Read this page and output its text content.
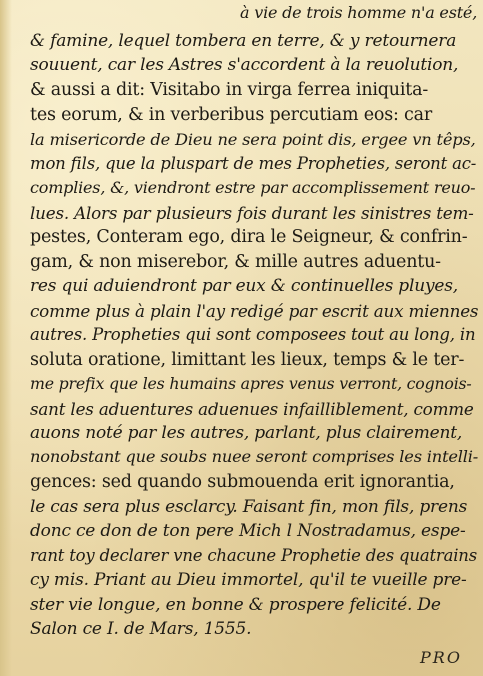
à vie de trois homme n'a esté,
& famine, lequel tombera en terre, & y retournera
souuent, car les Astres s'accordent à la reuolution,
& aussi a dit: Visitabo in virga ferrea iniquita-
tes eorum, & in verberibus percutiam eos: car
la misericorde de Dieu ne sera point dis, ergee vn têps,
mon fils, que la pluspart de mes Propheties, seront ac-
complies, &, viendront estre par accomplissement reuo-
lues. Alors par plusieurs fois durant les sinistres tem-
pestes, Conteram ego, dira le Seigneur, & confrin-
gam, & non miserebor, & mille autres aduentu-
res qui aduiendront par eux & continuelles pluyes,
comme plus à plain l'ay redigé par escrit aux miennes
autres. Propheties qui sont composees tout au long, in
soluta oratione, limittant les lieux, temps & le ter-
me prefix que les humains apres venus verront, cognois-
sant les aduentures aduenues infailliblement, comme
auons noté par les autres, parlant, plus clairement,
nonobstant que soubs nuee seront comprises les intelli-
gences: sed quando submouenda erit ignorantia,
le cas sera plus esclarcy. Faisant fin, mon fils, prens
donc ce don de ton pere Mich l Nostradamus, espe-
rant toy declarer vne chacune Prophetie des quatrains
cy mis. Priant au Dieu immortel, qu'il te vueille pre-
ster vie longue, en bonne & prospere felicité. De
Salon ce I. de Mars, 1555.
PRO
